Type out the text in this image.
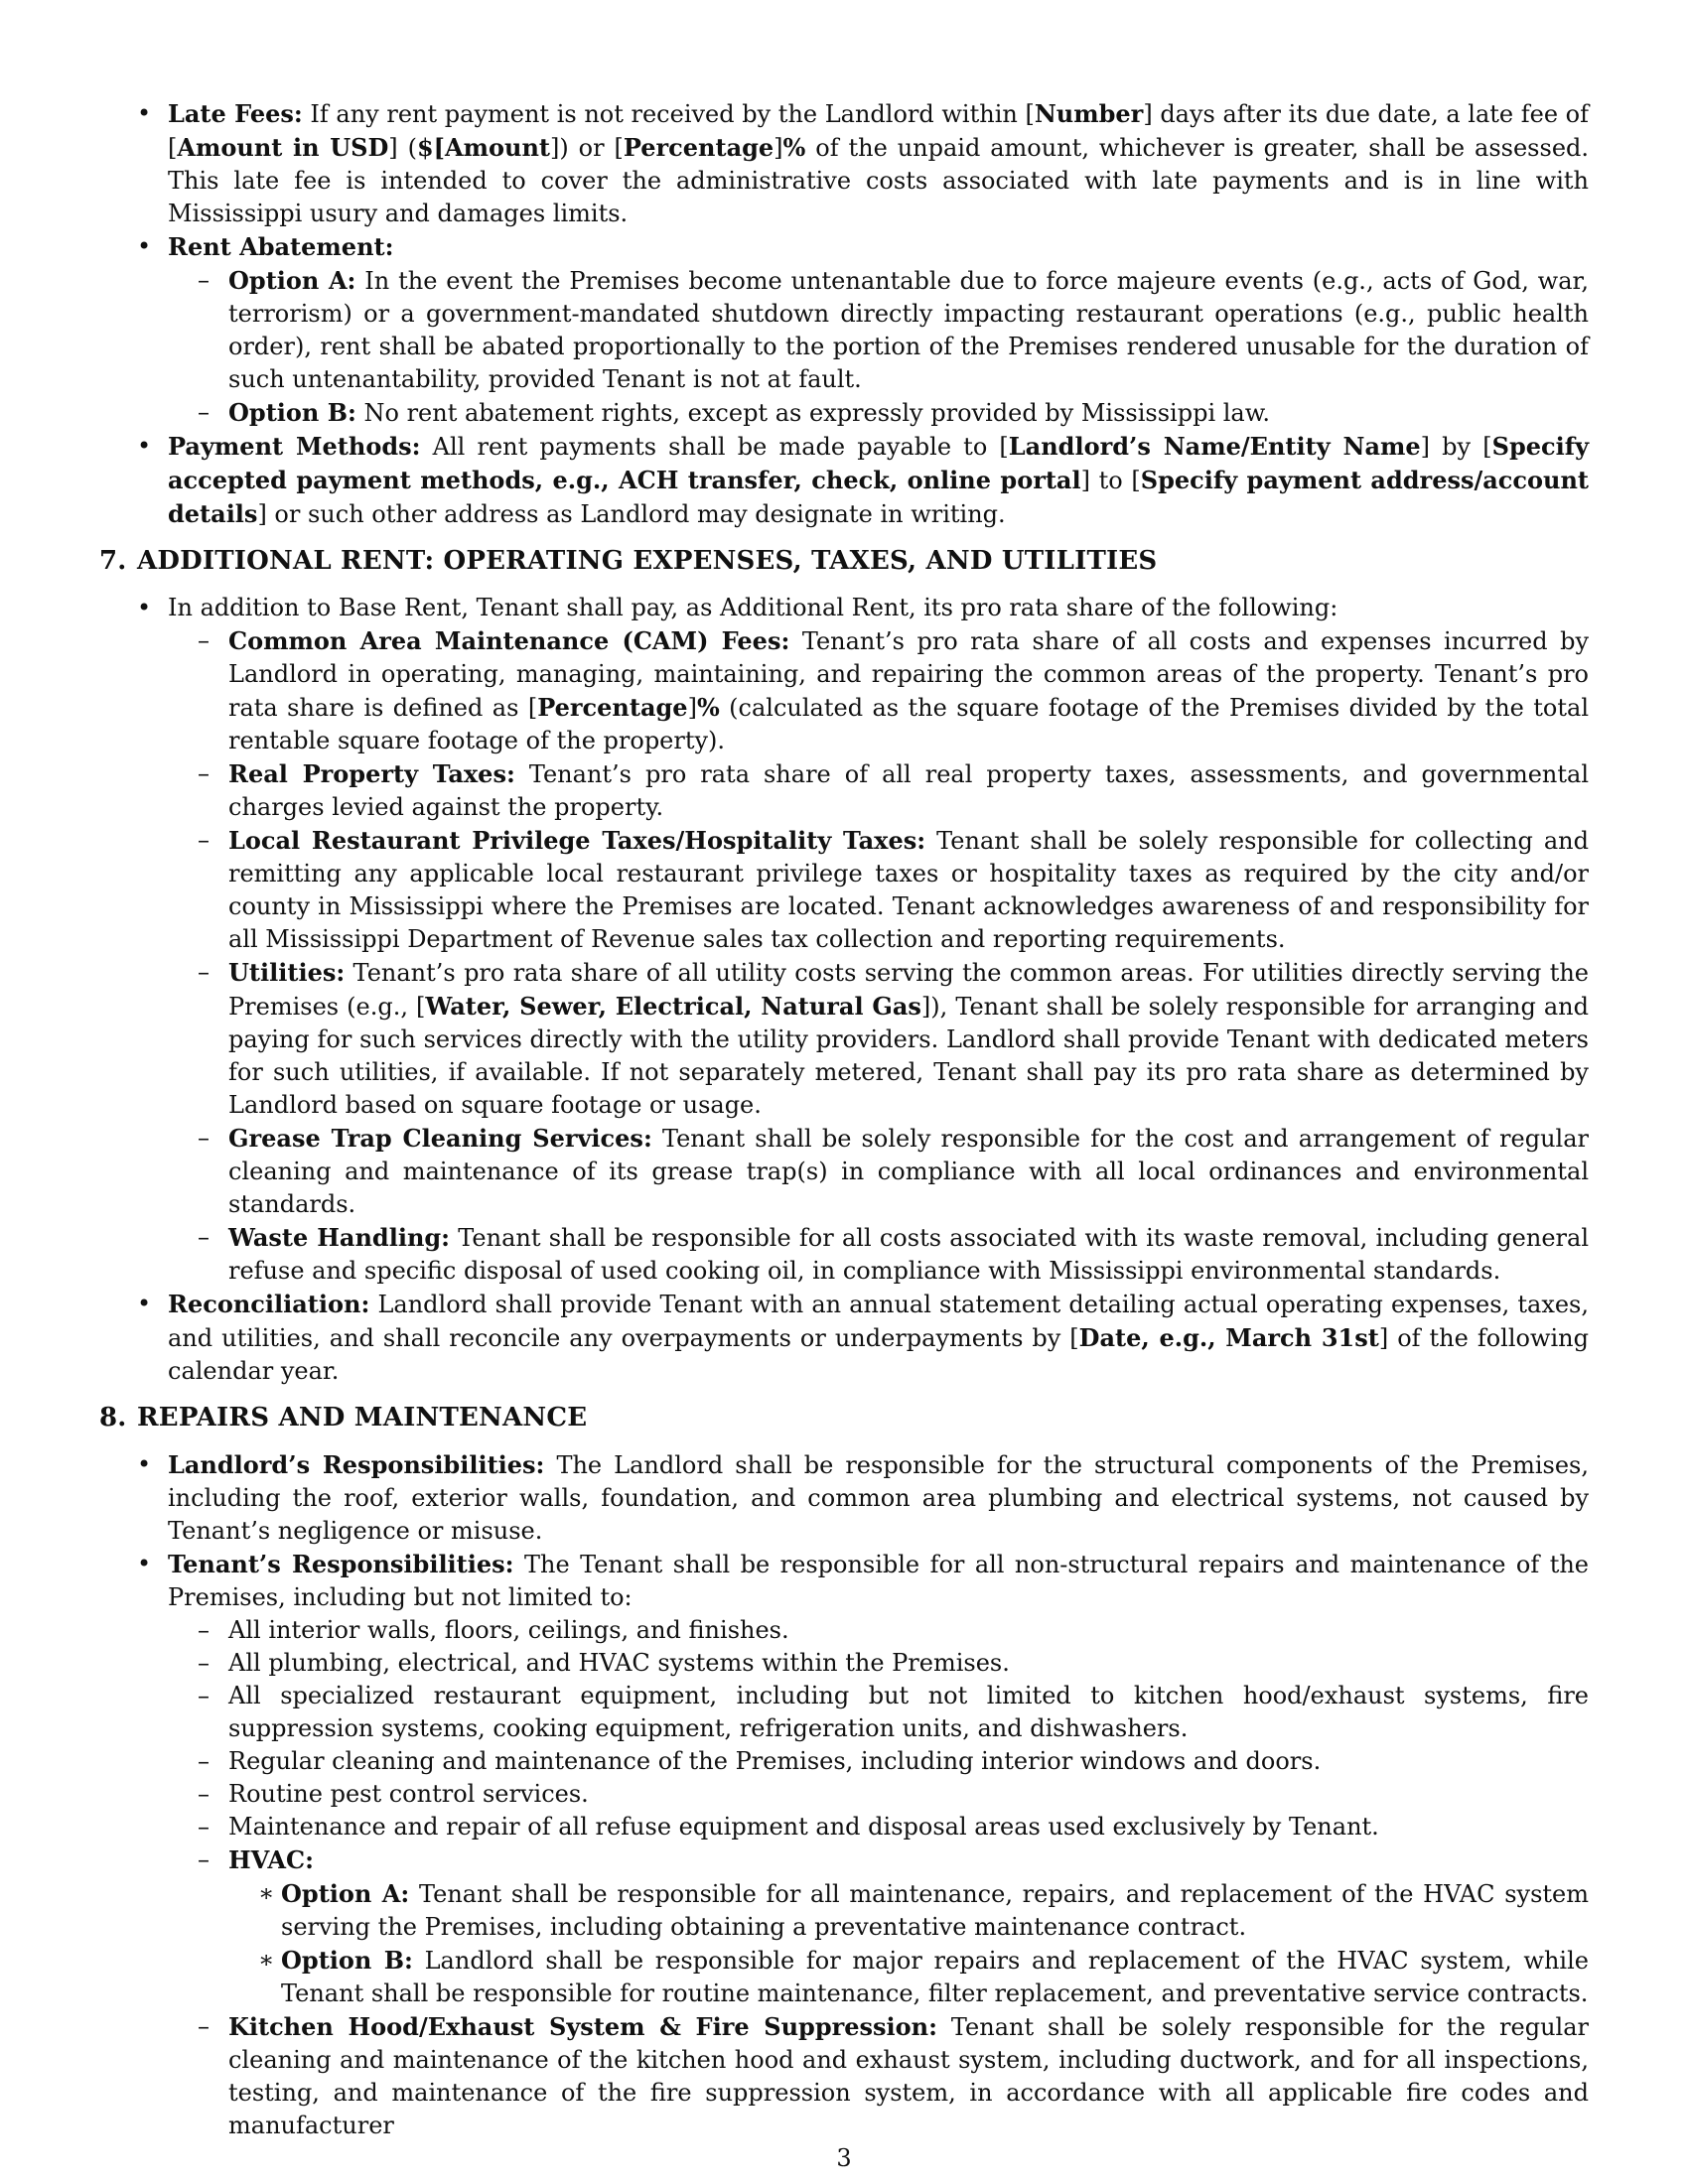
• Late Fees: If any rent payment is not received by the Landlord within [Number] days after its due date, a late fee of [Amount in USD] ($[Amount]) or [Percentage]% of the unpaid amount, whichever is greater, shall be assessed. This late fee is intended to cover the administrative costs associated with late payments and is in line with Mississippi usury and damages limits.
• Rent Abatement:
– Option A: In the event the Premises become untenantable due to force majeure events (e.g., acts of God, war, terrorism) or a government-mandated shutdown directly impacting restaurant operations (e.g., public health order), rent shall be abated proportionally to the portion of the Premises rendered unusable for the duration of such untenantability, provided Tenant is not at fault.
– Option B: No rent abatement rights, except as expressly provided by Mississippi law.
• Payment Methods: All rent payments shall be made payable to [Landlord’s Name/Entity Name] by [Specify accepted payment methods, e.g., ACH transfer, check, online portal] to [Specify payment address/account details] or such other address as Landlord may designate in writing.
7. ADDITIONAL RENT: OPERATING EXPENSES, TAXES, AND UTILITIES
• In addition to Base Rent, Tenant shall pay, as Additional Rent, its pro rata share of the following:
– Common Area Maintenance (CAM) Fees: Tenant’s pro rata share of all costs and expenses incurred by Landlord in operating, managing, maintaining, and repairing the common areas of the property. Tenant’s pro rata share is defined as [Percentage]% (calculated as the square footage of the Premises divided by the total rentable square footage of the property).
– Real Property Taxes: Tenant’s pro rata share of all real property taxes, assessments, and governmental charges levied against the property.
– Local Restaurant Privilege Taxes/Hospitality Taxes: Tenant shall be solely responsible for collecting and remitting any applicable local restaurant privilege taxes or hospitality taxes as required by the city and/or county in Mississippi where the Premises are located. Tenant acknowledges awareness of and responsibility for all Mississippi Department of Revenue sales tax collection and reporting requirements.
– Utilities: Tenant’s pro rata share of all utility costs serving the common areas. For utilities directly serving the Premises (e.g., [Water, Sewer, Electrical, Natural Gas]), Tenant shall be solely responsible for arranging and paying for such services directly with the utility providers. Landlord shall provide Tenant with dedicated meters for such utilities, if available. If not separately metered, Tenant shall pay its pro rata share as determined by Landlord based on square footage or usage.
– Grease Trap Cleaning Services: Tenant shall be solely responsible for the cost and arrangement of regular cleaning and maintenance of its grease trap(s) in compliance with all local ordinances and environmental standards.
– Waste Handling: Tenant shall be responsible for all costs associated with its waste removal, including general refuse and specific disposal of used cooking oil, in compliance with Mississippi environmental standards.
• Reconciliation: Landlord shall provide Tenant with an annual statement detailing actual operating expenses, taxes, and utilities, and shall reconcile any overpayments or underpayments by [Date, e.g., March 31st] of the following calendar year.
8. REPAIRS AND MAINTENANCE
• Landlord’s Responsibilities: The Landlord shall be responsible for the structural components of the Premises, including the roof, exterior walls, foundation, and common area plumbing and electrical systems, not caused by Tenant’s negligence or misuse.
• Tenant’s Responsibilities: The Tenant shall be responsible for all non-structural repairs and maintenance of the Premises, including but not limited to:
– All interior walls, floors, ceilings, and finishes.
– All plumbing, electrical, and HVAC systems within the Premises.
– All specialized restaurant equipment, including but not limited to kitchen hood/exhaust systems, fire suppression systems, cooking equipment, refrigeration units, and dishwashers.
– Regular cleaning and maintenance of the Premises, including interior windows and doors.
– Routine pest control services.
– Maintenance and repair of all refuse equipment and disposal areas used exclusively by Tenant.
– HVAC:
∗ Option A: Tenant shall be responsible for all maintenance, repairs, and replacement of the HVAC system serving the Premises, including obtaining a preventative maintenance contract.
∗ Option B: Landlord shall be responsible for major repairs and replacement of the HVAC system, while Tenant shall be responsible for routine maintenance, filter replacement, and preventative service contracts.
– Kitchen Hood/Exhaust System & Fire Suppression: Tenant shall be solely responsible for the regular cleaning and maintenance of the kitchen hood and exhaust system, including ductwork, and for all inspections, testing, and maintenance of the fire suppression system, in accordance with all applicable fire codes and manufacturer
3
